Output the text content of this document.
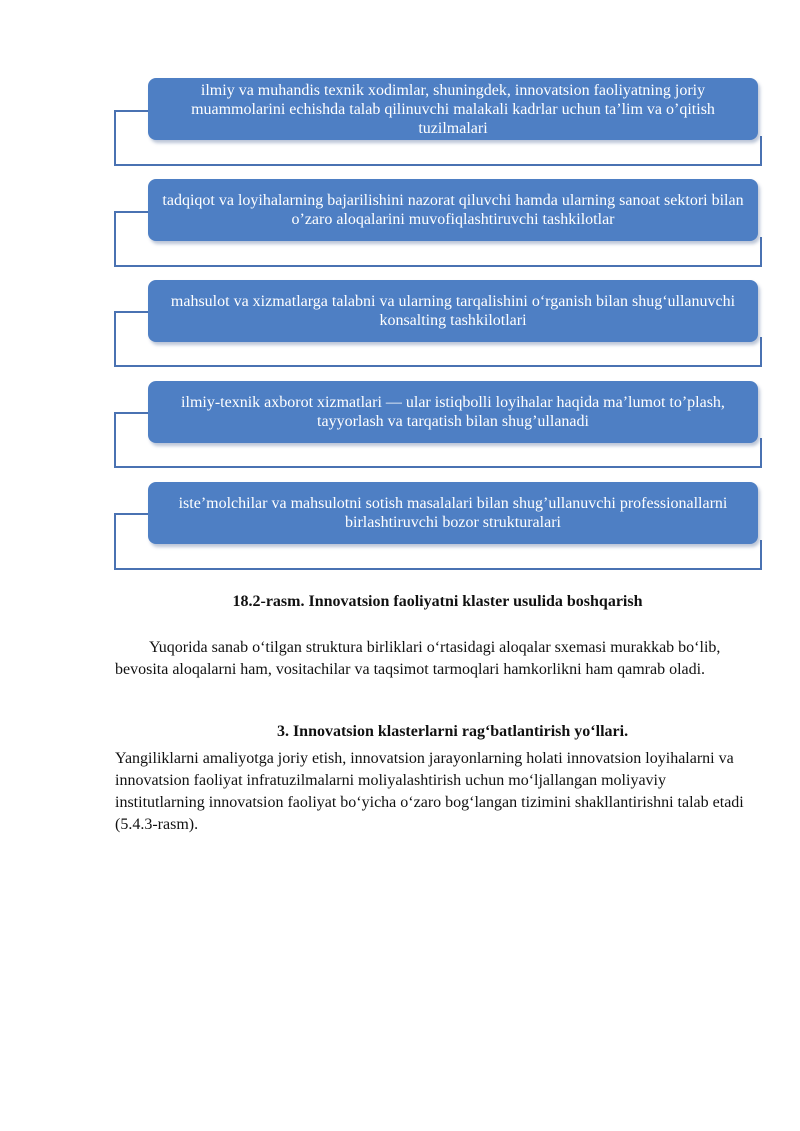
ilmiy va muhandis texnik xodimlar, shuningdek, innovatsion faoliyatning joriy muammolarini echishda talab qilinuvchi malakali kadrlar uchun ta’lim va o’qitish tuzilmalari
tadqiqot va loyihalarning bajarilishini nazorat qiluvchi hamda ularning sanoat sektori bilan o’zaro aloqalarini muvofiqlashtiruvchi tashkilotlar
mahsulot va xizmatlarga talabni va ularning tarqalishini o‘rganish bilan shug‘ullanuvchi konsalting tashkilotlari
ilmiy-texnik axborot xizmatlari — ular istiqbolli loyihalar haqida ma’lumot to’plash, tayyorlash va tarqatish bilan shug’ullanadi
iste’molchilar va mahsulotni sotish masalalari bilan shug’ullanuvchi professionallarni birlashtiruvchi bozor strukturalari
18.2-rasm. Innovatsion faoliyatni klaster usulida boshqarish
Yuqorida sanab o‘tilgan struktura birliklari o‘rtasidagi aloqalar sxemasi murakkab bo‘lib, bevosita aloqalarni ham, vositachilar va taqsimot tarmoqlari hamkorlikni ham qamrab oladi.
3. Innovatsion klasterlarni rag‘batlantirish yo‘llari.
Yangiliklarni amaliyotga joriy etish, innovatsion jarayonlarning holati innovatsion loyihalarni va innovatsion faoliyat infratuzilmalarni moliyalashtirish uchun mo‘ljallangan moliyaviy institutlarning innovatsion faoliyat bo‘yicha o‘zaro bog‘langan tizimini shakllantirishni talab etadi (5.4.3-rasm).
